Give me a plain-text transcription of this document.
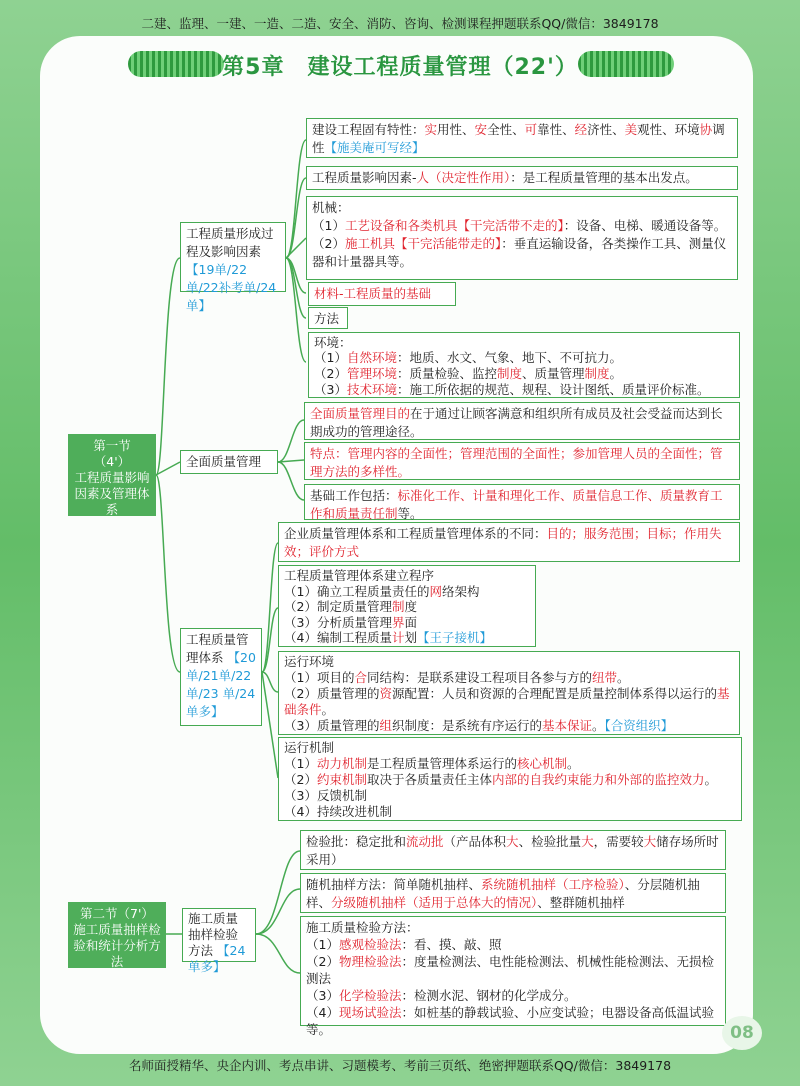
二建、监理、一建、一造、二造、安全、消防、咨询、检测课程押题联系QQ/微信：3849178
第5章　建设工程质量管理（22'）
第一节
（4'）
工程质量影响因素及管理体系
工程质量形成过程及影响因素 【19单/22 单/22补考单/24 单】
建设工程固有特性：实用性、安全性、可靠性、经济性、美观性、环境协调性【施美庵可写经】
工程质量影响因素-人（决定性作用）：是工程质量管理的基本出发点。
机械：
（1）工艺设备和各类机具【干完活带不走的】：设备、电梯、暖通设备等。
（2）施工机具【干完活能带走的】：垂直运输设备，各类操作工具、测量仪器和计量器具等。
材料-工程质量的基础
方法
环境：
（1）自然环境：地质、水文、气象、地下、不可抗力。
（2）管理环境：质量检验、监控制度、质量管理制度。
（3）技术环境：施工所依据的规范、规程、设计图纸、质量评价标准。
全面质量管理
全面质量管理目的在于通过让顾客满意和组织所有成员及社会受益而达到长期成功的管理途径。
特点：管理内容的全面性；管理范围的全面性；参加管理人员的全面性；管理方法的多样性。
基础工作包括：标准化工作、计量和理化工作、质量信息工作、质量教育工作和质量责任制等。
工程质量管理体系 【20单/21单/22单/23 单/24单多】
企业质量管理体系和工程质量管理体系的不同：目的；服务范围；目标；作用失效；评价方式
工程质量管理体系建立程序
（1）确立工程质量责任的网络架构
（2）制定质量管理制度
（3）分析质量管理界面
（4）编制工程质量计划【王子接机】
运行环境
（1）项目的合同结构：是联系建设工程项目各参与方的纽带。
（2）质量管理的资源配置：人员和资源的合理配置是质量控制体系得以运行的基础条件。
（3）质量管理的组织制度：是系统有序运行的基本保证。【合资组织】
运行机制
（1）动力机制是工程质量管理体系运行的核心机制。
（2）约束机制取决于各质量责任主体内部的自我约束能力和外部的监控效力。
（3）反馈机制
（4）持续改进机制
第二节（7'）
施工质量抽样检验和统计分析方法
施工质量抽样检验方法 【24单多】
检验批：稳定批和流动批（产品体积大、检验批量大，需要较大储存场所时采用）
随机抽样方法：简单随机抽样、系统随机抽样（工序检验）、分层随机抽样、分级随机抽样（适用于总体大的情况）、整群随机抽样
施工质量检验方法：
（1）感观检验法：看、摸、敲、照
（2）物理检验法：度量检测法、电性能检测法、机械性能检测法、无损检测法
（3）化学检验法：检测水泥、钢材的化学成分。
（4）现场试验法：如桩基的静载试验、小应变试验；电器设备高低温试验等。	08
名师面授精华、央企内训、考点串讲、习题模考、考前三页纸、绝密押题联系QQ/微信：3849178
